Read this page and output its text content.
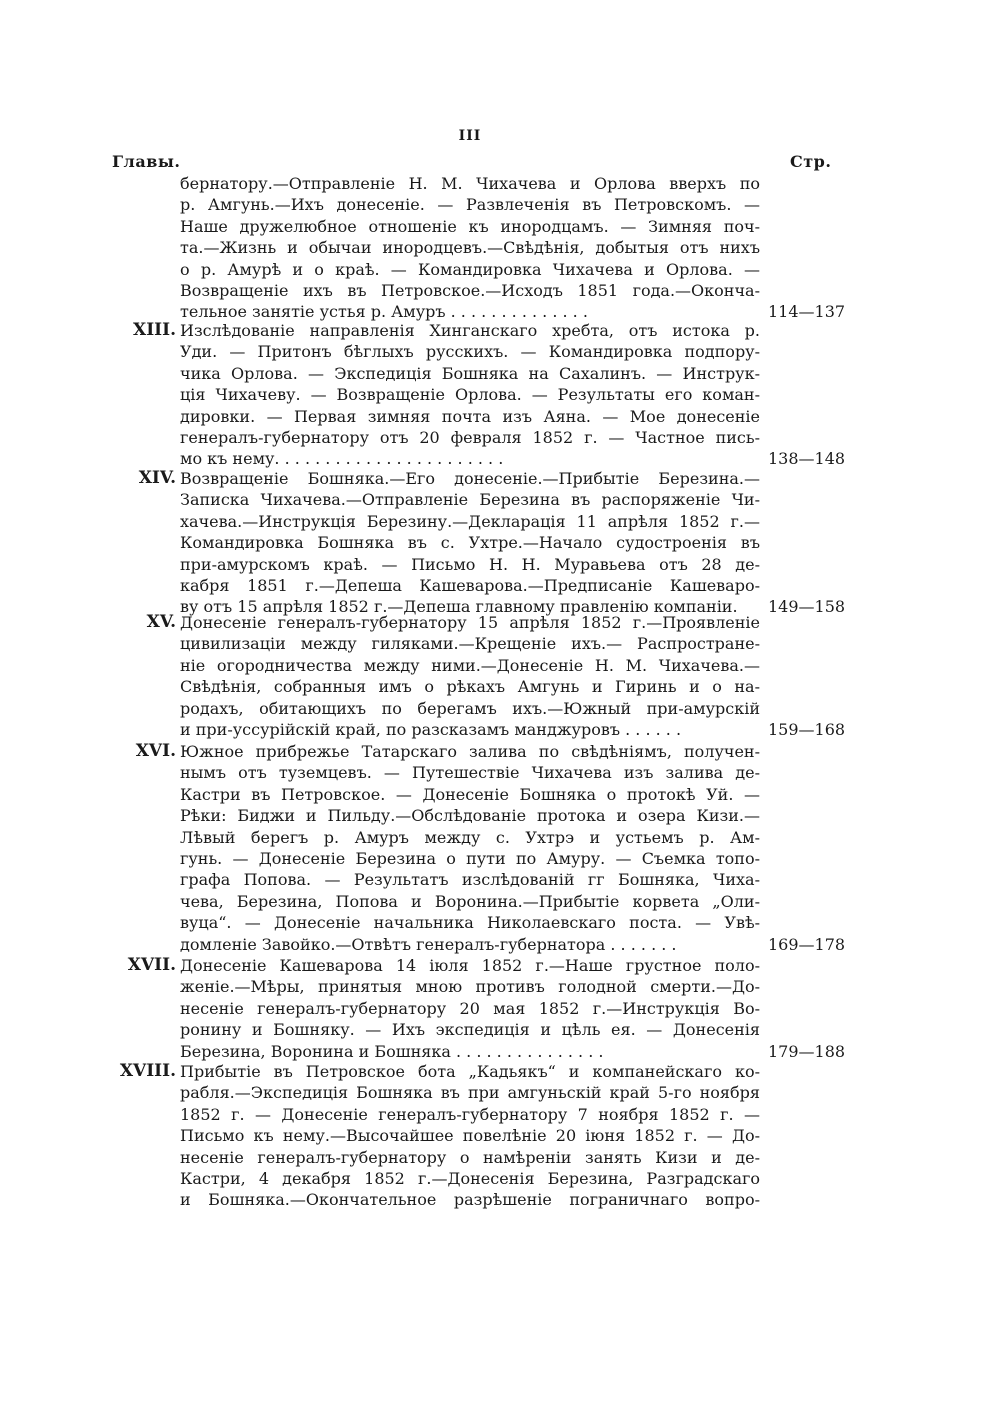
III
Главы.	Стр.
бернатору.—Отправленіе Н. М. Чихачева и Орлова вверхъ по
р. Амгунь.—Ихъ донесеніе. — Развлеченія въ Петровскомъ. —
Наше дружелюбное отношеніе къ инородцамъ. — Зимняя поч-
та.—Жизнь и обычаи инородцевъ.—Свѣдѣнія, добытыя отъ нихъ
о р. Амурѣ и о краѣ. — Командировка Чихачева и Орлова. —
Возвращеніе ихъ въ Петровское.—Исходъ 1851 года.—Окончa-
тельное занятіе устья р. Амуръ . . . . . . . . . . . . . .	114—137
XIII. Изслѣдованіе направленія Хинганскаго хребта, отъ истока р.
Уди. — Притонъ бѣглыхъ русскихъ. — Командировка подпору-
чика Орлова. — Экспедиція Бошняка на Сахалинъ. — Инструк-
ція Чихачеву. — Возвращеніе Орлова. — Результаты его коман-
дировки. — Первая зимняя почта изъ Аяна. — Мое донесеніе
генералъ-губернатору отъ 20 февраля 1852 г. — Частное пись-
мо къ нему. . . . . . . . . . . . . . . . . . . . . . .	138—148
XIV. Возвращеніе Бошняка.—Его донесеніе.—Прибытіе Березина.—
Записка Чихачева.—Отправленіе Березина въ распоряженіе Чи-
хачева.—Инструкція Березину.—Декларація 11 апрѣля 1852 г.—
Командировка Бошняка въ с. Ухтре.—Начало судостроенія въ
при-амурскомъ краѣ. — Письмо Н. Н. Муравьева отъ 28 де-
кабря 1851 г.—Депеша Кашеварова.—Предписаніе Кашеваро-
ву отъ 15 апрѣля 1852 г.—Депеша главному правленію компаніи.	149—158
XV. Донесеніе генералъ-губернатору 15 апрѣля 1852 г.—Проявленіе
цивилизаціи между гиляками.—Крещеніе ихъ.— Распростране-
ніе огородничества между ними.—Донесеніе Н. М. Чихачева.—
Свѣдѣнія, собранныя имъ о рѣкахъ Амгунь и Гиринь и о на-
родахъ, обитающихъ по берегамъ ихъ.—Южный при-амурскій
и при-уссурійскій край, по разсказамъ манджуровъ . . . . . .	159—168
XVI. Южное прибрежье Татарскаго залива по свѣдѣніямъ, получен-
нымъ отъ туземцевъ. — Путешествіе Чихачева изъ залива де-
Кастри въ Петровское. — Донесеніе Бошняка о протокѣ Уй. —
Рѣки: Биджи и Пильду.—Обслѣдованіе протока и озера Кизи.—
Лѣвый берегъ р. Амуръ между с. Ухтрэ и устьемъ р. Ам-
гунь. — Донесеніе Березина о пути по Амуру. — Съемка топо-
графа Попова. — Результатъ изслѣдованій гг Бошняка, Чиха-
чева, Березина, Попова и Воронина.—Прибытіе корвета „Оли-
вуца“. — Донесеніе начальника Николаевскаго поста. — Увѣ-
домленіе Завойко.—Отвѣтъ генералъ-губернатора . . . . . . .	169—178
XVII. Донесеніе Кашеварова 14 іюля 1852 г.—Наше грустное поло-
женіе.—Мѣры, принятыя мною противъ голодной смерти.—До-
несеніе генералъ-губернатору 20 мая 1852 г.—Инструкція Во-
ронину и Бошняку. — Ихъ экспедиція и цѣль ея. — Донесенія
Березина, Воронина и Бошняка . . . . . . . . . . . . . . .	179—188
XVIII. Прибытіе въ Петровское бота „Кадьякъ“ и компанейскаго ко-
рабля.—Экспедиція Бошняка въ при амгуньскій край 5-го ноября
1852 г. — Донесеніе генералъ-губернатору 7 ноября 1852 г. —
Письмо къ нему.—Высочайшее повелѣніе 20 іюня 1852 г. — До-
несеніе генералъ-губернатору о намѣреніи занять Кизи и де-
Кастри, 4 декабря 1852 г.—Донесенія Березина, Разградскаго
и Бошняка.—Окончательное разрѣшеніе пограничнаго вопро-
